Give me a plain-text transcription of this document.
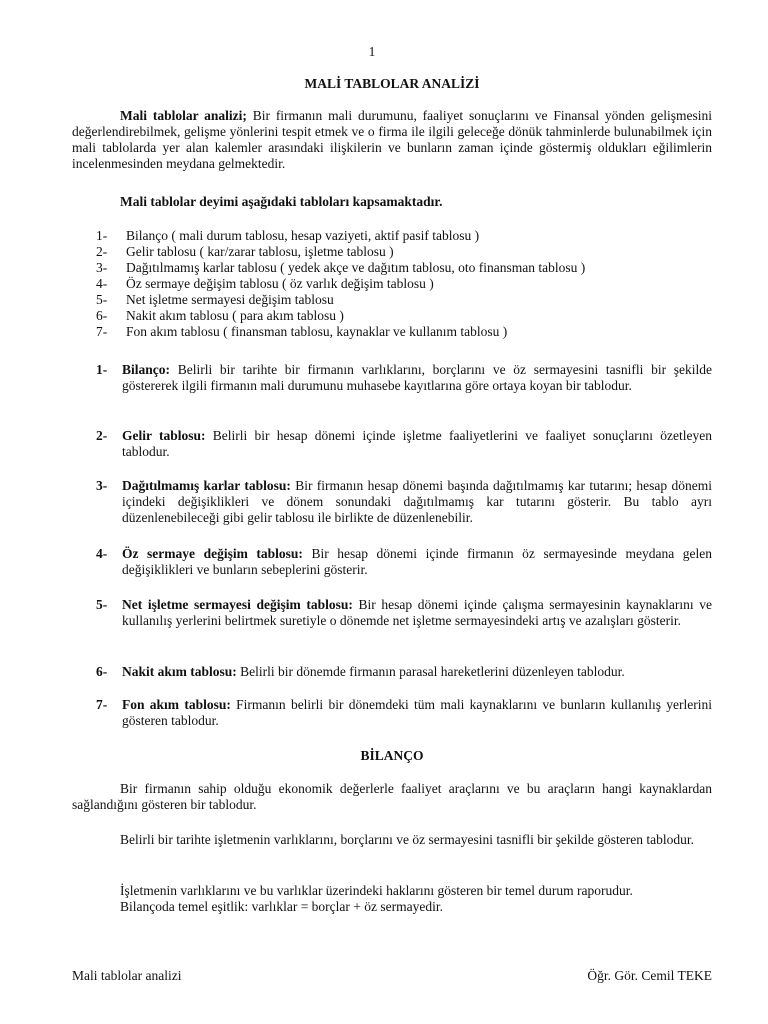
1
MALİ TABLOLAR ANALİZİ

Mali tablolar analizi; Bir firmanın mali durumunu, faaliyet sonuçlarını ve Finansal yönden gelişmesini değerlendirebilmek, gelişme yönlerini tespit etmek ve o firma ile ilgili geleceğe dönük tahminlerde bulunabilmek için mali tablolarda yer alan kalemler arasındaki ilişkilerin ve bunların zaman içinde göstermiş oldukları eğilimlerin incelenmesinden meydana gelmektedir.

Mali tablolar deyimi aşağıdaki tabloları kapsamaktadır.
1-	Bilanço ( mali durum tablosu, hesap vaziyeti, aktif pasif tablosu )
2-	Gelir tablosu ( kar/zarar tablosu, işletme tablosu )
3-	Dağıtılmamış karlar tablosu ( yedek akçe ve dağıtım tablosu, oto finansman tablosu )
4-	Öz sermaye değişim tablosu ( öz varlık değişim tablosu )
5-	Net işletme sermayesi değişim tablosu
6-	Nakit akım tablosu ( para akım tablosu )
7-	Fon akım tablosu ( finansman tablosu, kaynaklar ve kullanım tablosu )
1-	Bilanço: Belirli bir tarihte bir firmanın varlıklarını, borçlarını ve öz sermayesini tasnifli bir şekilde göstererek ilgili firmanın mali durumunu muhasebe kayıtlarına göre ortaya koyan bir tablodur.

2-	Gelir tablosu: Belirli bir hesap dönemi içinde işletme faaliyetlerini ve faaliyet sonuçlarını özetleyen tablodur.

3-	Dağıtılmamış karlar tablosu: Bir firmanın hesap dönemi başında dağıtılmamış kar tutarını; hesap dönemi içindeki değişiklikleri ve dönem sonundaki dağıtılmamış kar tutarını gösterir. Bu tablo ayrı düzenlenebileceği gibi gelir tablosu ile birlikte de düzenlenebilir.

4-	Öz sermaye değişim tablosu: Bir hesap dönemi içinde firmanın öz sermayesinde meydana gelen değişiklikleri ve bunların sebeplerini gösterir.

5-	Net işletme sermayesi değişim tablosu: Bir hesap dönemi içinde çalışma sermayesinin kaynaklarını ve kullanılış yerlerini belirtmek suretiyle o dönemde net işletme sermayesindeki artış ve azalışları gösterir.

6-	Nakit akım tablosu: Belirli bir dönemde firmanın parasal hareketlerini düzenleyen tablodur.

7-	Fon akım tablosu: Firmanın belirli bir dönemdeki tüm mali kaynaklarını ve bunların kullanılış yerlerini gösteren tablodur.

BİLANÇO

Bir firmanın sahip olduğu ekonomik değerlerle faaliyet araçlarını ve bu araçların hangi kaynaklardan sağlandığını gösteren bir tablodur.

Belirli bir tarihte işletmenin varlıklarını, borçlarını ve öz sermayesini tasnifli bir şekilde gösteren tablodur.

İşletmenin varlıklarını ve bu varlıklar üzerindeki haklarını gösteren bir temel durum raporudur.

Bilançoda temel eşitlik: varlıklar = borçlar + öz sermayedir.

Mali tablolar analizi	Öğr. Gör. Cemil TEKE
